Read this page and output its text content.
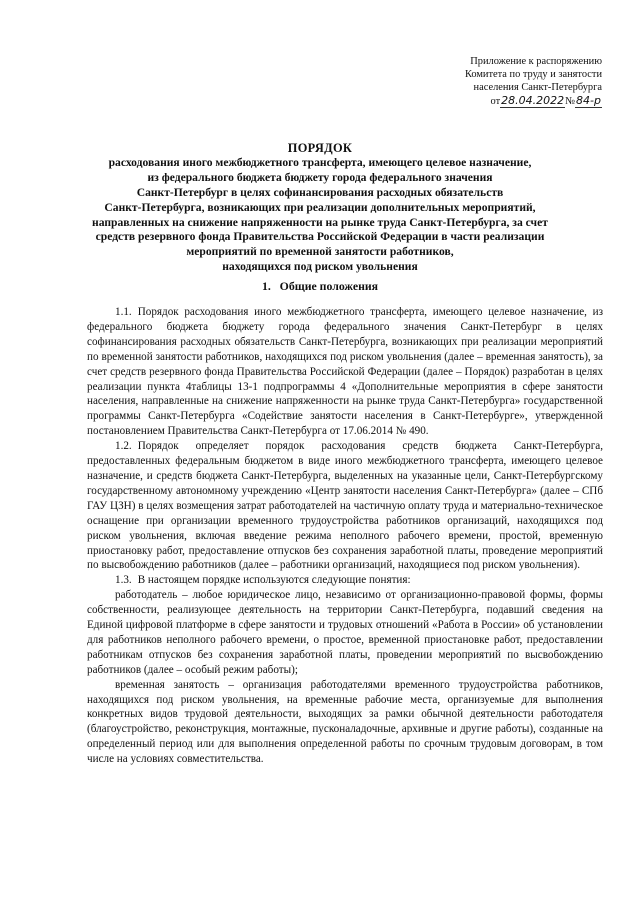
Приложение к распоряжению
Комитета по труду и занятости
населения Санкт-Петербурга
от28.04.2022№84-р
ПОРЯДОК
расходования иного межбюджетного трансферта, имеющего целевое назначение,
из федерального бюджета бюджету города федерального значения
Санкт-Петербург в целях софинансирования расходных обязательств
Санкт-Петербурга, возникающих при реализации дополнительных мероприятий,
направленных на снижение напряженности на рынке труда Санкт-Петербурга, за счет
средств резервного фонда Правительства Российской Федерации в части реализации
мероприятий по временной занятости работников,
находящихся под риском увольнения
1. Общие положения

1.1. Порядок расходования иного межбюджетного трансферта, имеющего целевое назначение, из федерального бюджета бюджету города федерального значения Санкт-Петербург в целях софинансирования расходных обязательств Санкт-Петербурга, возникающих при реализации мероприятий по временной занятости работников, находящихся под риском увольнения (далее – временная занятость), за счет средств резервного фонда Правительства Российской Федерации (далее – Порядок) разработан в целях реализации пункта 4таблицы 13-1 подпрограммы 4 «Дополнительные мероприятия в сфере занятости населения, направленные на снижение напряженности на рынке труда Санкт-Петербурга» государственной программы Санкт-Петербурга «Содействие занятости населения в Санкт-Петербурге», утвержденной постановлением Правительства Санкт-Петербурга от 17.06.2014 № 490.

1.2. Порядок определяет порядок расходования средств бюджета Санкт-Петербурга, предоставленных федеральным бюджетом в виде иного межбюджетного трансферта, имеющего целевое назначение, и средств бюджета Санкт-Петербурга, выделенных на указанные цели, Санкт-Петербургскому государственному автономному учреждению «Центр занятости населения Санкт-Петербурга» (далее – СПб ГАУ ЦЗН) в целях возмещения затрат работодателей на частичную оплату труда и материально-техническое оснащение при организации временного трудоустройства работников организаций, находящихся под риском увольнения, включая введение режима неполного рабочего времени, простой, временную приостановку работ, предоставление отпусков без сохранения заработной платы, проведение мероприятий по высвобождению работников (далее – работники организаций, находящиеся под риском увольнения).

1.3. В настоящем порядке используются следующие понятия:

работодатель – любое юридическое лицо, независимо от организационно-правовой формы, формы собственности, реализующее деятельность на территории Санкт-Петербурга, подавший сведения на Единой цифровой платформе в сфере занятости и трудовых отношений «Работа в России» об установлении для работников неполного рабочего времени, о простое, временной приостановке работ, предоставлении работникам отпусков без сохранения заработной платы, проведении мероприятий по высвобождению работников (далее – особый режим работы);

временная занятость – организация работодателями временного трудоустройства работников, находящихся под риском увольнения, на временные рабочие места, организуемые для выполнения конкретных видов трудовой деятельности, выходящих за рамки обычной деятельности работодателя (благоустройство, реконструкция, монтажные, пусконаладочные, архивные и другие работы), созданные на определенный период или для выполнения определенной работы по срочным трудовым договорам, в том числе на условиях совместительства.
